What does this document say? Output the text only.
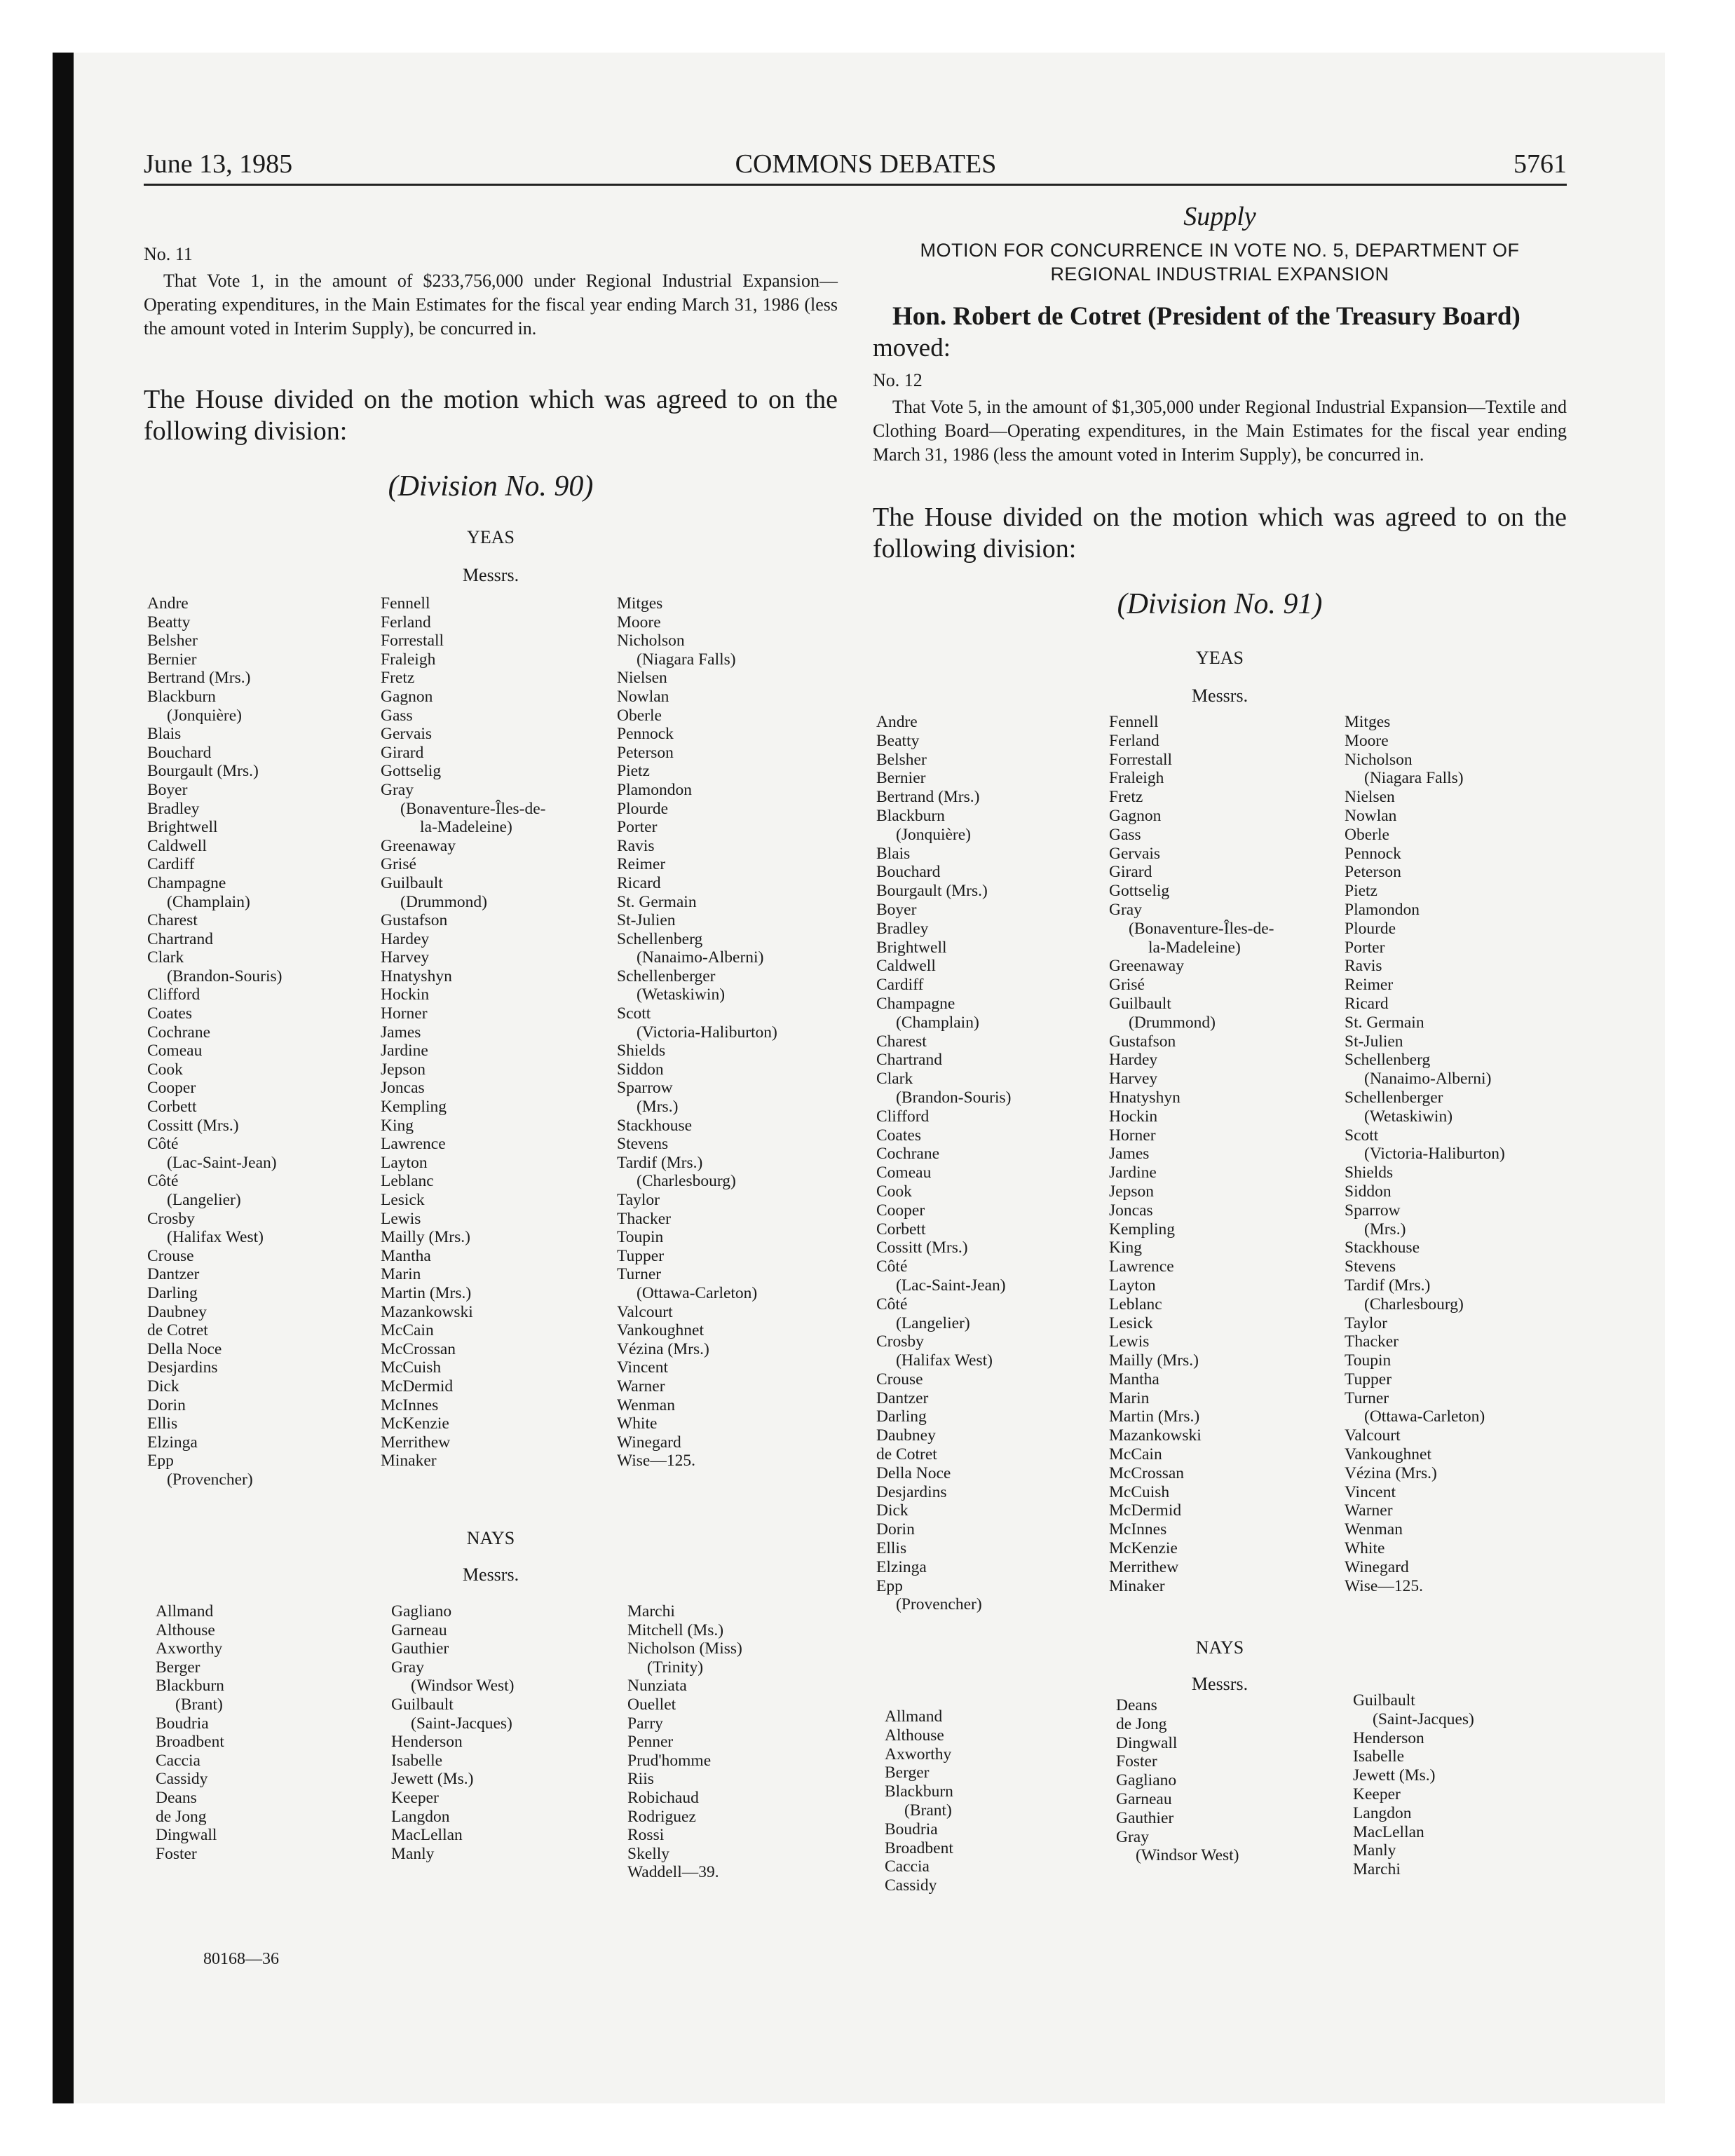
June 13, 1985	COMMONS DEBATES	5761
No. 11
That Vote 1, in the amount of $233,756,000 under Regional Industrial Expansion—Operating expenditures, in the Main Estimates for the fiscal year ending March 31, 1986 (less the amount voted in Interim Supply), be concurred in.
The House divided on the motion which was agreed to on the following division:
(Division No. 90)
YEAS
Messrs.
Andre
Beatty
Belsher
Bernier
Bertrand (Mrs.)
Blackburn
(Jonquière)
Blais
Bouchard
Bourgault (Mrs.)
Boyer
Bradley
Brightwell
Caldwell
Cardiff
Champagne
(Champlain)
Charest
Chartrand
Clark
(Brandon-Souris)
Clifford
Coates
Cochrane
Comeau
Cook
Cooper
Corbett
Cossitt (Mrs.)
Côté
(Lac-Saint-Jean)
Côté
(Langelier)
Crosby
(Halifax West)
Crouse
Dantzer
Darling
Daubney
de Cotret
Della Noce
Desjardins
Dick
Dorin
Ellis
Elzinga
Epp
(Provencher)
Fennell
Ferland
Forrestall
Fraleigh
Fretz
Gagnon
Gass
Gervais
Girard
Gottselig
Gray
(Bonaventure-Îles-de-
la-Madeleine)
Greenaway
Grisé
Guilbault
(Drummond)
Gustafson
Hardey
Harvey
Hnatyshyn
Hockin
Horner
James
Jardine
Jepson
Joncas
Kempling
King
Lawrence
Layton
Leblanc
Lesick
Lewis
Mailly (Mrs.)
Mantha
Marin
Martin (Mrs.)
Mazankowski
McCain
McCrossan
McCuish
McDermid
McInnes
McKenzie
Merrithew
Minaker
Mitges
Moore
Nicholson
(Niagara Falls)
Nielsen
Nowlan
Oberle
Pennock
Peterson
Pietz
Plamondon
Plourde
Porter
Ravis
Reimer
Ricard
St. Germain
St-Julien
Schellenberg
(Nanaimo-Alberni)
Schellenberger
(Wetaskiwin)
Scott
(Victoria-Haliburton)
Shields
Siddon
Sparrow
(Mrs.)
Stackhouse
Stevens
Tardif (Mrs.)
(Charlesbourg)
Taylor
Thacker
Toupin
Tupper
Turner
(Ottawa-Carleton)
Valcourt
Vankoughnet
Vézina (Mrs.)
Vincent
Warner
Wenman
White
Winegard
Wise—125.
NAYS
Messrs.
Allmand
Althouse
Axworthy
Berger
Blackburn
(Brant)
Boudria
Broadbent
Caccia
Cassidy
Deans
de Jong
Dingwall
Foster
Gagliano
Garneau
Gauthier
Gray
(Windsor West)
Guilbault
(Saint-Jacques)
Henderson
Isabelle
Jewett (Ms.)
Keeper
Langdon
MacLellan
Manly
Marchi
Mitchell (Ms.)
Nicholson (Miss)
(Trinity)
Nunziata
Ouellet
Parry
Penner
Prud'homme
Riis
Robichaud
Rodriguez
Rossi
Skelly
Waddell—39.
80168—36
Supply
MOTION FOR CONCURRENCE IN VOTE NO. 5, DEPARTMENT OF
REGIONAL INDUSTRIAL EXPANSION
Hon. Robert de Cotret (President of the Treasury Board)
moved:
No. 12
That Vote 5, in the amount of $1,305,000 under Regional Industrial Expansion—Textile and Clothing Board—Operating expenditures, in the Main Estimates for the fiscal year ending March 31, 1986 (less the amount voted in Interim Supply), be concurred in.
The House divided on the motion which was agreed to on the following division:
(Division No. 91)
YEAS
Messrs.
Andre
Beatty
Belsher
Bernier
Bertrand (Mrs.)
Blackburn
(Jonquière)
Blais
Bouchard
Bourgault (Mrs.)
Boyer
Bradley
Brightwell
Caldwell
Cardiff
Champagne
(Champlain)
Charest
Chartrand
Clark
(Brandon-Souris)
Clifford
Coates
Cochrane
Comeau
Cook
Cooper
Corbett
Cossitt (Mrs.)
Côté
(Lac-Saint-Jean)
Côté
(Langelier)
Crosby
(Halifax West)
Crouse
Dantzer
Darling
Daubney
de Cotret
Della Noce
Desjardins
Dick
Dorin
Ellis
Elzinga
Epp
(Provencher)
Fennell
Ferland
Forrestall
Fraleigh
Fretz
Gagnon
Gass
Gervais
Girard
Gottselig
Gray
(Bonaventure-Îles-de-
la-Madeleine)
Greenaway
Grisé
Guilbault
(Drummond)
Gustafson
Hardey
Harvey
Hnatyshyn
Hockin
Horner
James
Jardine
Jepson
Joncas
Kempling
King
Lawrence
Layton
Leblanc
Lesick
Lewis
Mailly (Mrs.)
Mantha
Marin
Martin (Mrs.)
Mazankowski
McCain
McCrossan
McCuish
McDermid
McInnes
McKenzie
Merrithew
Minaker
Mitges
Moore
Nicholson
(Niagara Falls)
Nielsen
Nowlan
Oberle
Pennock
Peterson
Pietz
Plamondon
Plourde
Porter
Ravis
Reimer
Ricard
St. Germain
St-Julien
Schellenberg
(Nanaimo-Alberni)
Schellenberger
(Wetaskiwin)
Scott
(Victoria-Haliburton)
Shields
Siddon
Sparrow
(Mrs.)
Stackhouse
Stevens
Tardif (Mrs.)
(Charlesbourg)
Taylor
Thacker
Toupin
Tupper
Turner
(Ottawa-Carleton)
Valcourt
Vankoughnet
Vézina (Mrs.)
Vincent
Warner
Wenman
White
Winegard
Wise—125.
NAYS
Messrs.
Allmand
Althouse
Axworthy
Berger
Blackburn
(Brant)
Boudria
Broadbent
Caccia
Cassidy
Deans
de Jong
Dingwall
Foster
Gagliano
Garneau
Gauthier
Gray
(Windsor West)
Guilbault
(Saint-Jacques)
Henderson
Isabelle
Jewett (Ms.)
Keeper
Langdon
MacLellan
Manly
Marchi
